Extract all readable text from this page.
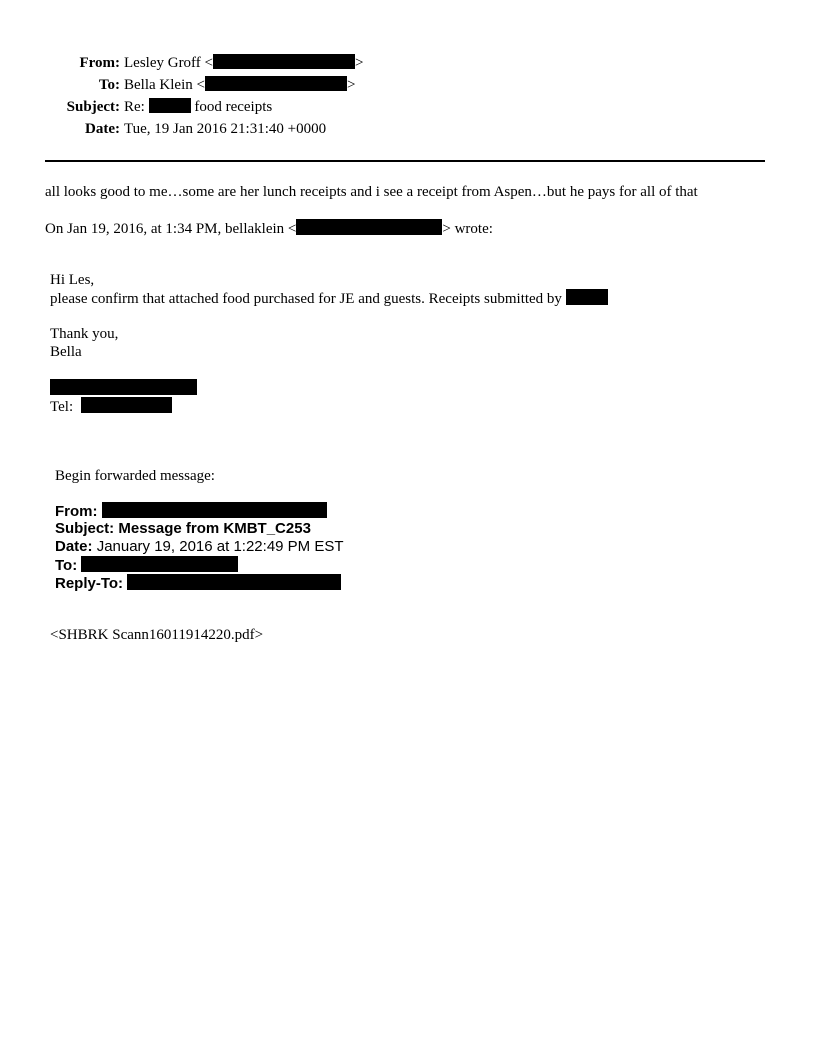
From: Lesley Groff <	>
To: Bella Klein <	>
Subject: Re:	food receipts
Date: Tue, 19 Jan 2016 21:31:40 +0000
all looks good to me…some are her lunch receipts and i see a receipt from Aspen…but he pays for all of that
On Jan 19, 2016, at 1:34 PM, bellaklein <	> wrote:
Hi Les,
please confirm that attached food purchased for JE and guests. Receipts submitted by
Thank you,
Bella
Tel:
Begin forwarded message:
From:
Subject: Message from KMBT_C253
Date: January 19, 2016 at 1:22:49 PM EST
To:
Reply-To:
<SHBRK Scann16011914220.pdf>
